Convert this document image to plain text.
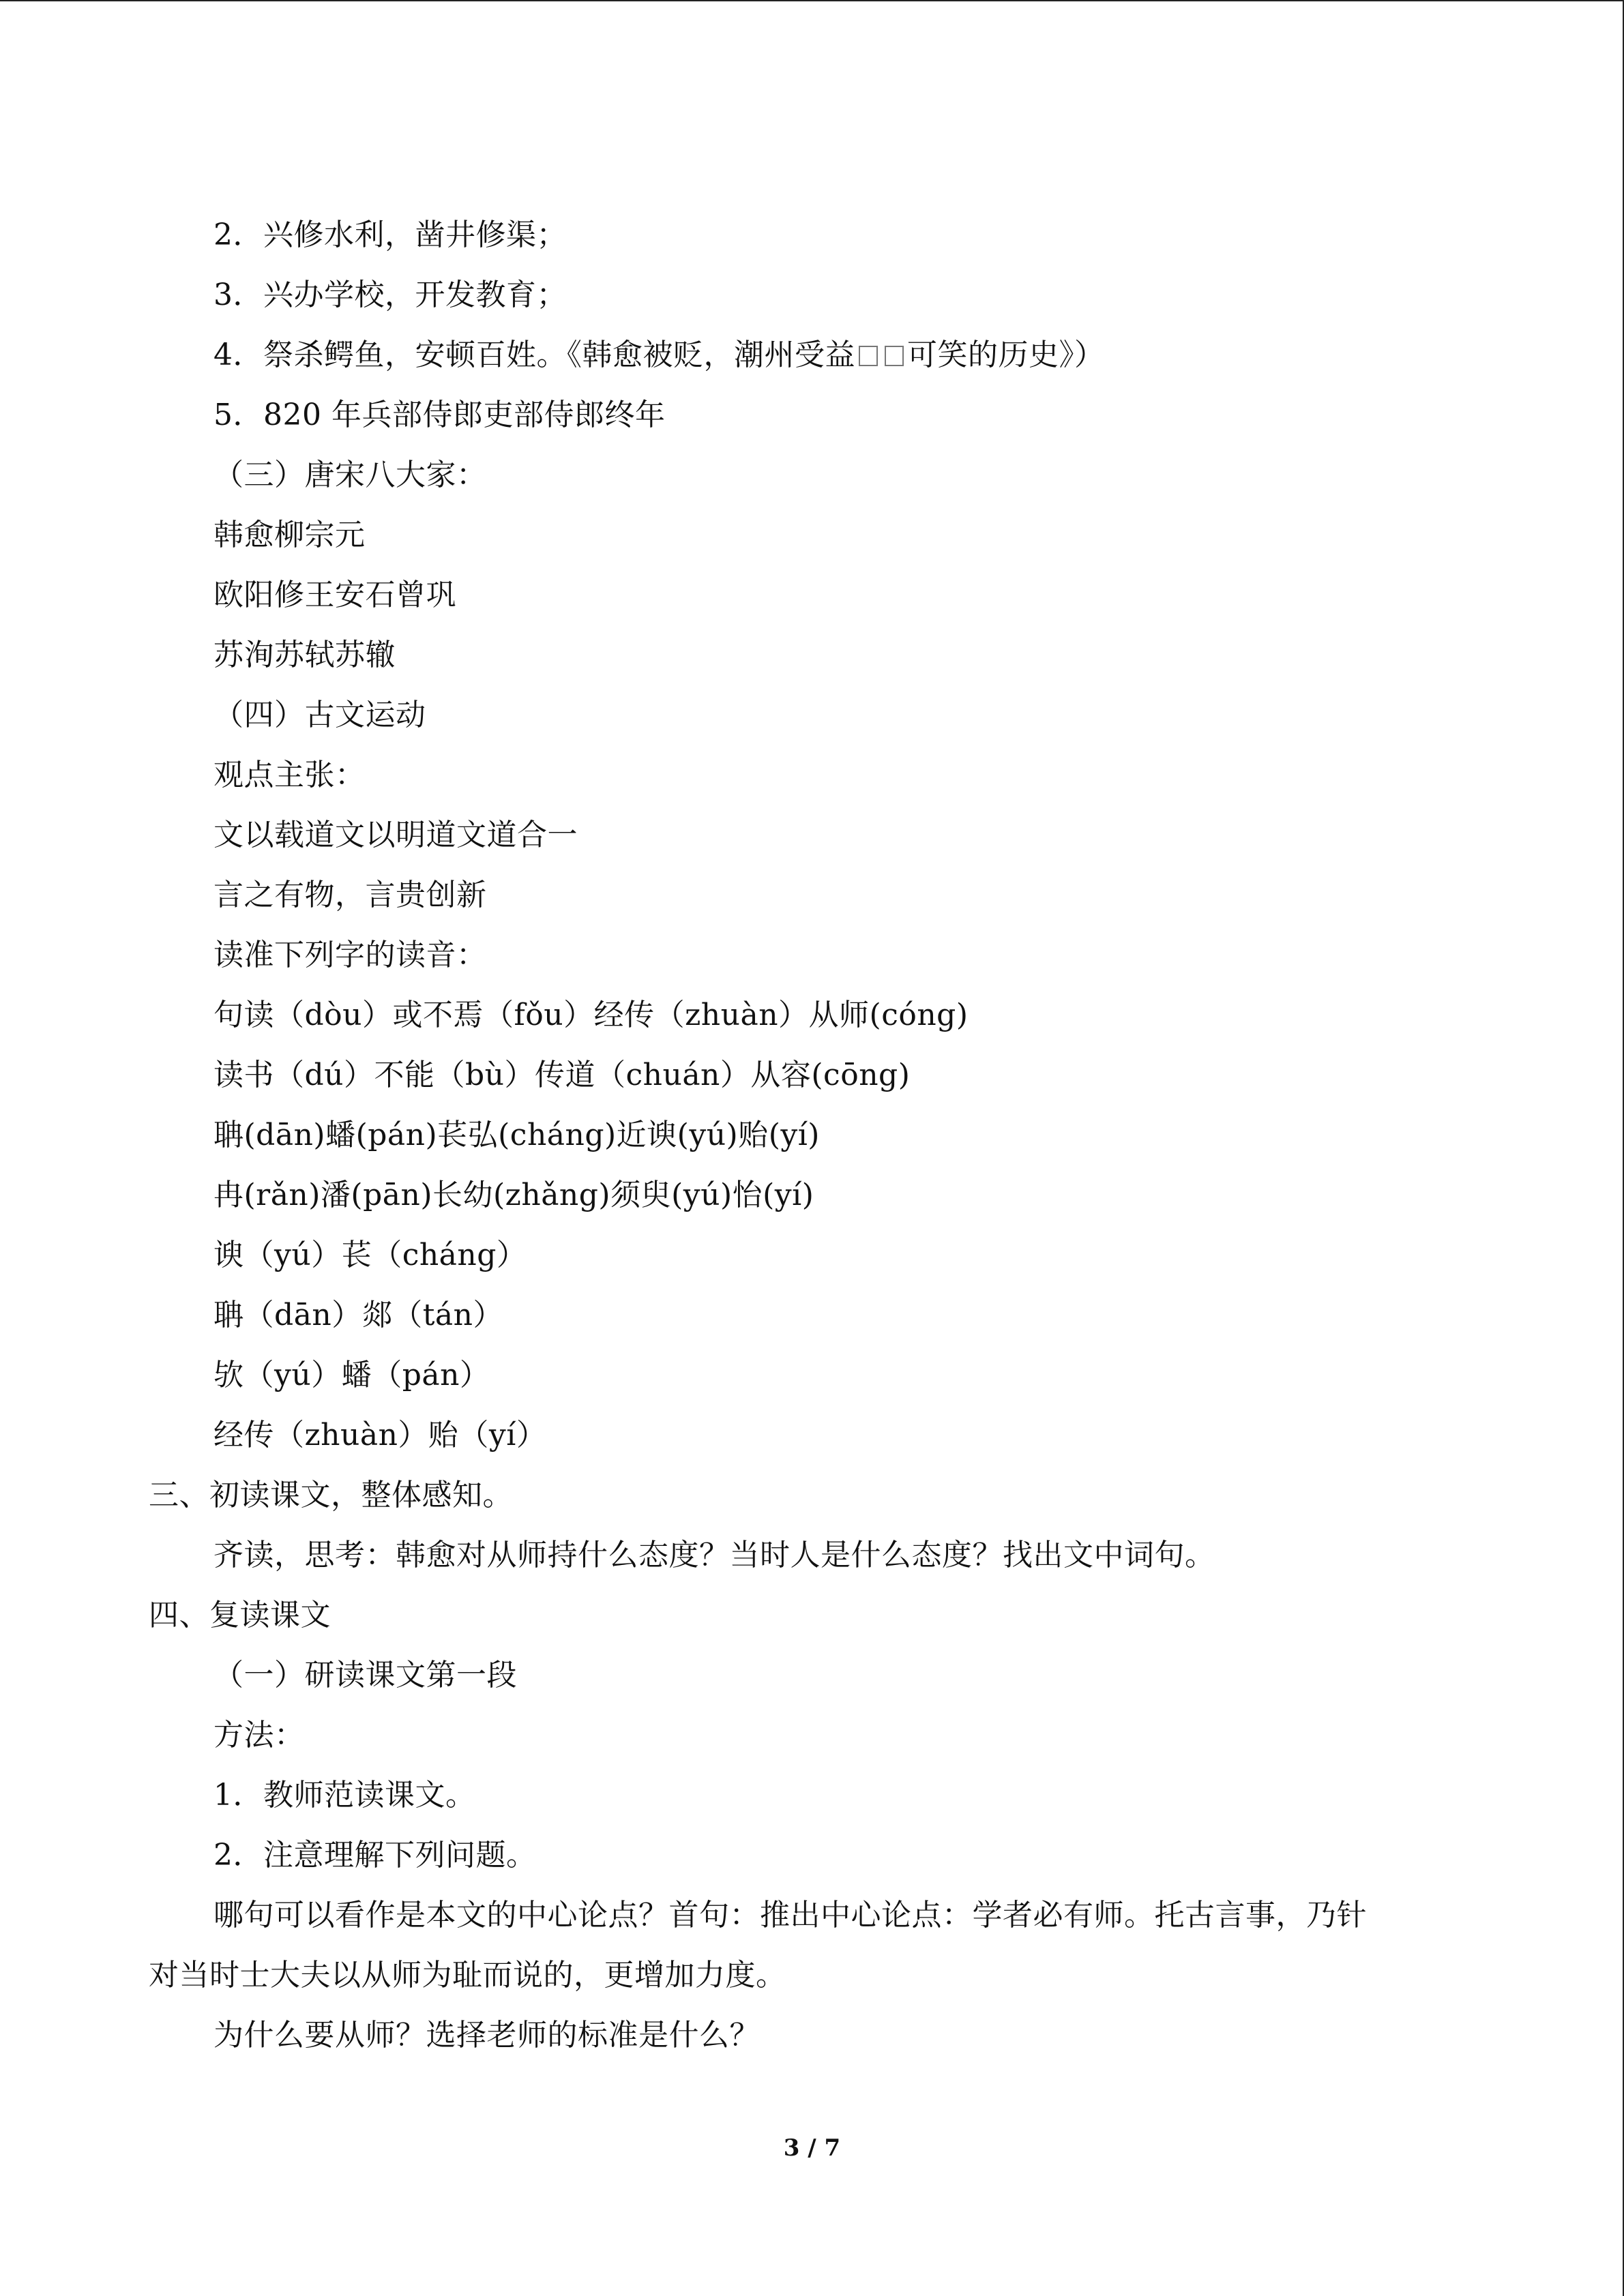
2．兴修水利，凿井修渠；
3．兴办学校，开发教育；
4．祭杀鳄鱼，安顿百姓。《韩愈被贬，潮州受益 可笑的历史》）
5．820 年兵部侍郎吏部侍郎终年
（三）唐宋八大家：
韩愈柳宗元
欧阳修王安石曾巩
苏洵苏轼苏辙
（四）古文运动
观点主张：
文以载道文以明道文道合一
言之有物，言贵创新
读准下列字的读音：
句读（dòu）或不焉（fǒu）经传（zhuàn）从师(cóng)
读书（dú）不能（bù）传道（chuán）从容(cōng)
聃(dān)蟠(pán)苌弘(cháng)近谀(yú)贻(yí)
冉(rǎn)潘(pān)长幼(zhǎng)须臾(yú)怡(yí)
谀（yú）苌（cháng）
聃（dān）郯（tán）
欤（yú）蟠（pán）
经传（zhuàn）贻（yí）
三、初读课文，整体感知。
齐读，思考：韩愈对从师持什么态度？当时人是什么态度？找出文中词句。
四、复读课文
（一）研读课文第一段
方法：
1．教师范读课文。
2．注意理解下列问题。
哪句可以看作是本文的中心论点？首句：推出中心论点：学者必有师。托古言事，乃针
对当时士大夫以从师为耻而说的，更增加力度。
为什么要从师？选择老师的标准是什么？
3 / 7
